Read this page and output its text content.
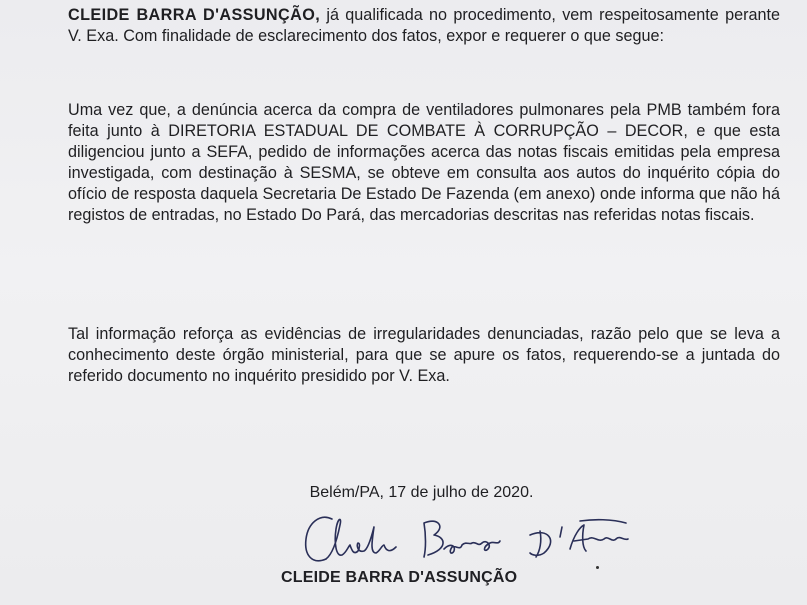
CLEIDE BARRA D'ASSUNÇÃO, já qualificada no procedimento, vem respeitosamente perante V. Exa. Com finalidade de esclarecimento dos fatos, expor e requerer o que segue:
Uma vez que, a denúncia acerca da compra de ventiladores pulmonares pela PMB também fora feita junto à DIRETORIA ESTADUAL DE COMBATE À CORRUPÇÃO – DECOR, e que esta diligenciou junto a SEFA, pedido de informações acerca das notas fiscais emitidas pela empresa investigada, com destinação à SESMA, se obteve em consulta aos autos do inquérito cópia do ofício de resposta daquela Secretaria De Estado De Fazenda (em anexo) onde informa que não há registos de entradas, no Estado Do Pará, das mercadorias descritas nas referidas notas fiscais.
Tal informação reforça as evidências de irregularidades denunciadas, razão pelo que se leva a conhecimento deste órgão ministerial, para que se apure os fatos, requerendo-se a juntada do referido documento no inquérito presidido por V. Exa.
Belém/PA, 17 de julho de 2020.
CLEIDE BARRA D'ASSUNÇÃO
